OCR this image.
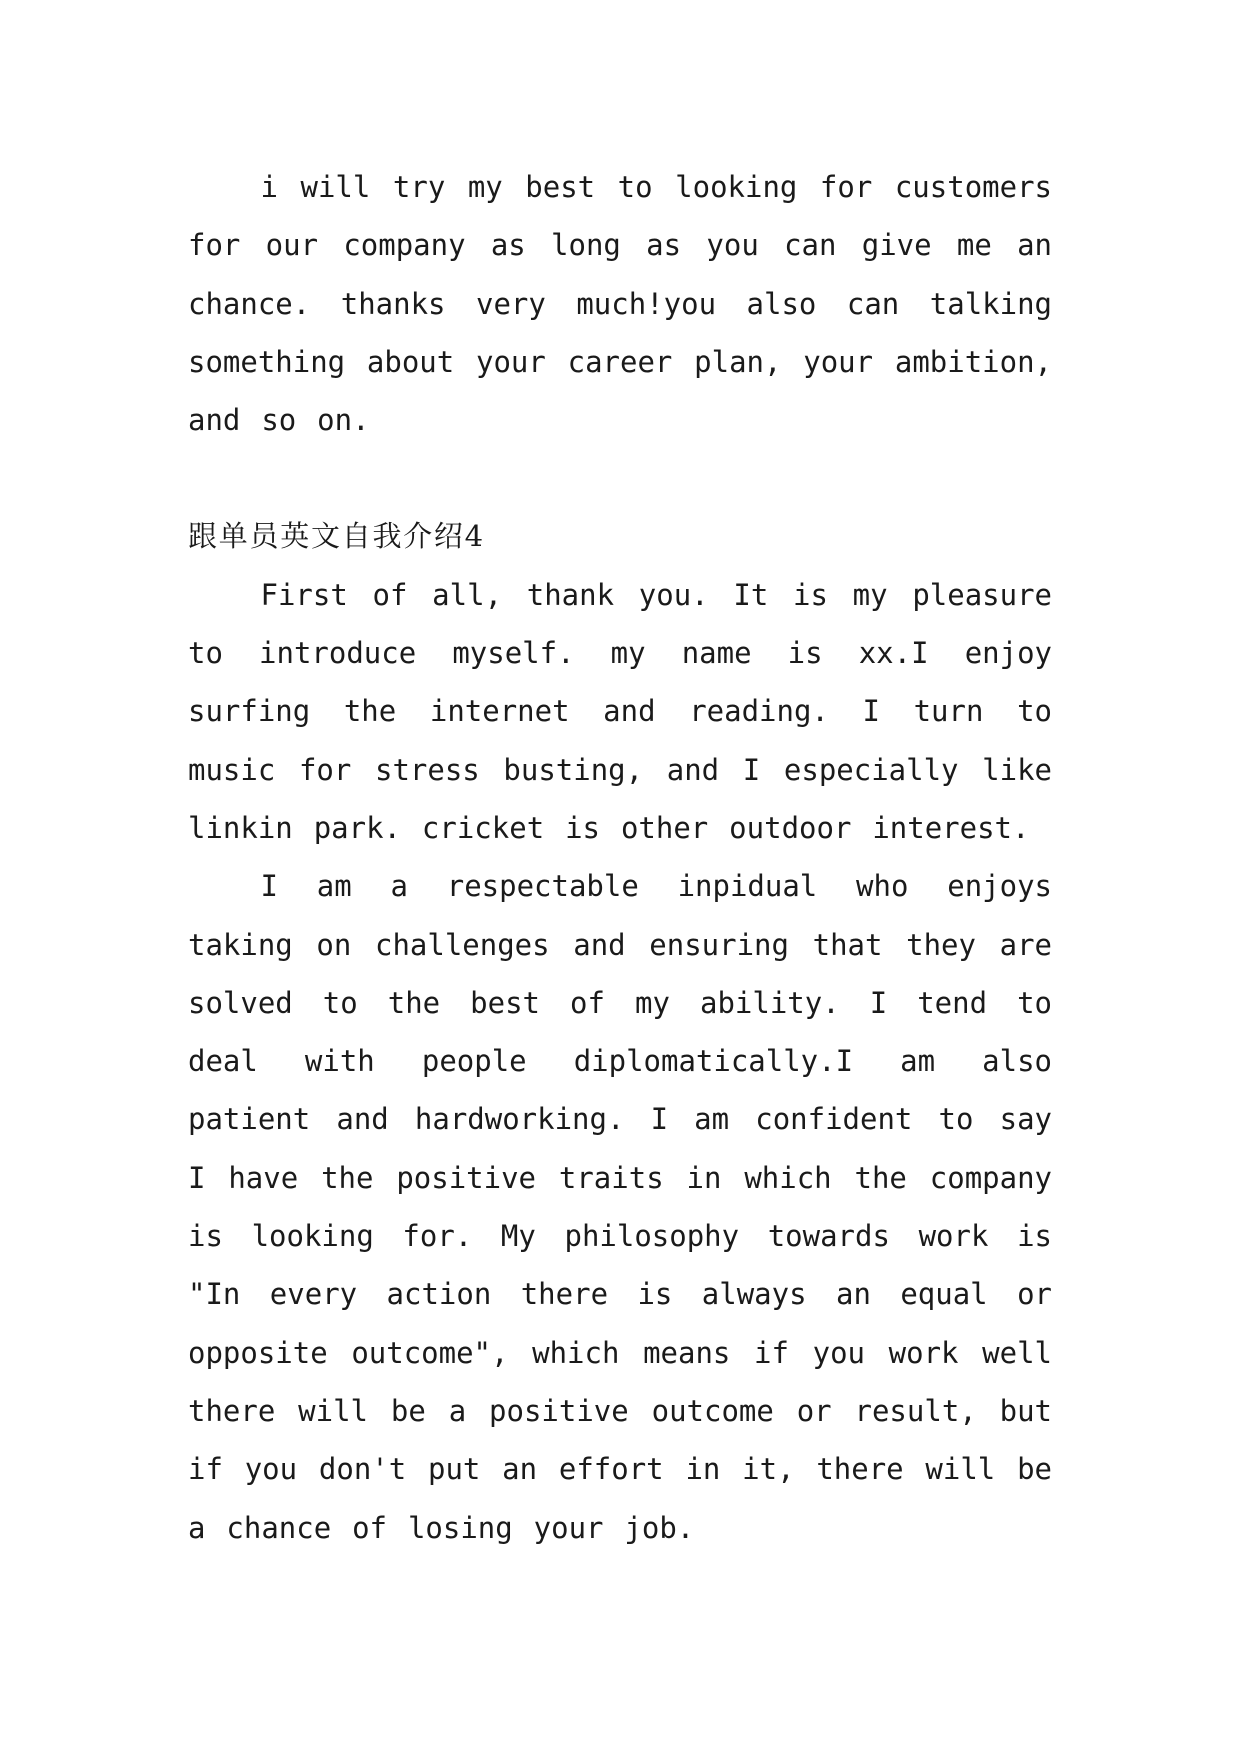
i will try my best to looking for customers for our company as long as you can give me an chance. thanks very much!you also can talking something about your career plan, your ambition, and so on.

跟单员英文自我介绍4

First of all, thank you. It is my pleasure to introduce myself. my name is xx.I enjoy surfing the internet and reading. I turn to music for stress busting, and I especially like linkin park. cricket is other outdoor interest.

I am a respectable inpidual who enjoys taking on challenges and ensuring that they are solved to the best of my ability. I tend to deal with people diplomatically.I am also patient and hardworking. I am confident to say I have the positive traits in which the company is looking for. My philosophy towards work is "In every action there is always an equal or opposite outcome", which means if you work well there will be a positive outcome or result, but if you don't put an effort in it, there will be a chance of losing your job.
